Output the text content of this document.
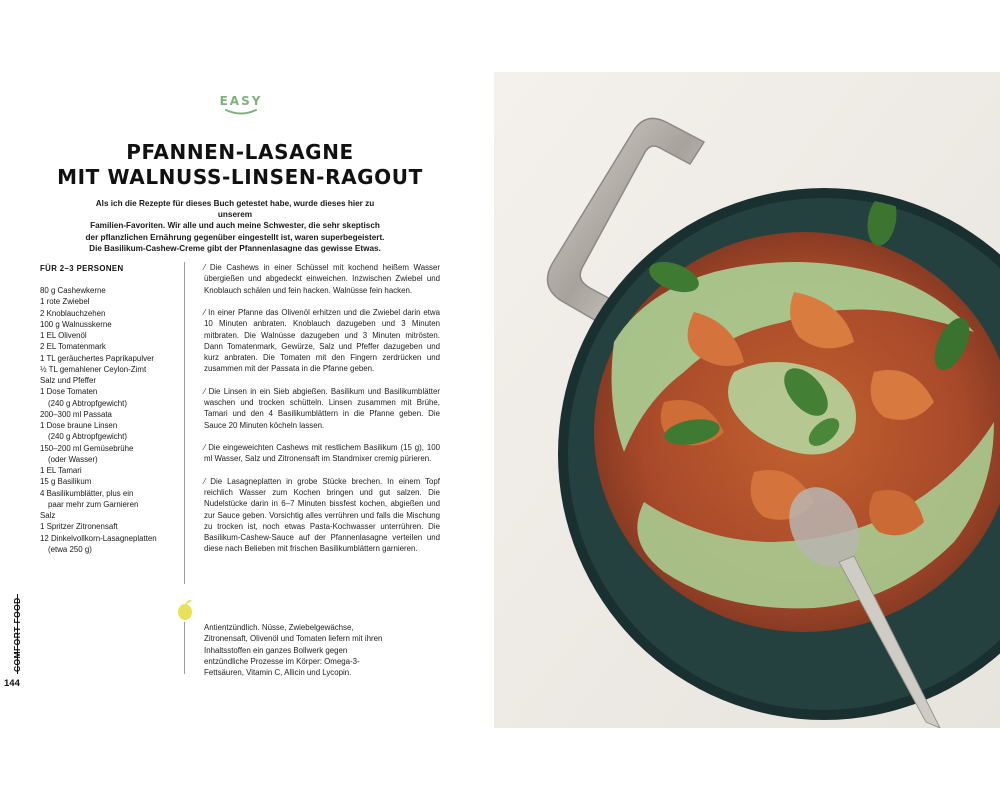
EASY
PFANNEN-LASAGNE
MIT WALNUSS-LINSEN-RAGOUT
Als ich die Rezepte für dieses Buch getestet habe, wurde dieses hier zu unserem
Familien-Favoriten. Wir alle und auch meine Schwester, die sehr skeptisch
der pflanzlichen Ernährung gegenüber eingestellt ist, waren superbegeistert.
Die Basilikum-Cashew-Creme gibt der Pfannenlasagne das gewisse Etwas.
FÜR 2–3 PERSONEN
80 g Cashewkerne
1 rote Zwiebel
2 Knoblauchzehen
100 g Walnusskerne
1 EL Olivenöl
2 EL Tomatenmark
1 TL geräuchertes Paprikapulver
½ TL gemahlener Ceylon-Zimt
Salz und Pfeffer
1 Dose Tomaten
(240 g Abtropfgewicht)
200–300 ml Passata
1 Dose braune Linsen
(240 g Abtropfgewicht)
150–200 ml Gemüsebrühe
(oder Wasser)
1 EL Tamari
15 g Basilikum
4 Basilikumblätter, plus ein
paar mehr zum Garnieren
Salz
1 Spritzer Zitronensaft
12 Dinkelvollkorn-Lasagneplatten
(etwa 250 g)

⁄ Die Cashews in einer Schüssel mit kochend heißem Wasser übergießen und abgedeckt einweichen. Inzwischen Zwiebel und Knoblauch schälen und fein hacken. Walnüsse fein hacken.

⁄ In einer Pfanne das Olivenöl erhitzen und die Zwiebel darin etwa 10 Minuten anbraten. Knoblauch dazugeben und 3 Minuten mitbraten. Die Walnüsse dazugeben und 3 Minuten mitrösten. Dann Tomatenmark, Gewürze, Salz und Pfeffer dazugeben und kurz anbraten. Die Tomaten mit den Fingern zerdrücken und zusammen mit der Passata in die Pfanne geben.

⁄ Die Linsen in ein Sieb abgießen. Basilikum und Basilikumblätter waschen und trocken schütteln. Linsen zusammen mit Brühe, Tamari und den 4 Basilikumblättern in die Pfanne geben. Die Sauce 20 Minuten köcheln lassen.

⁄ Die eingeweichten Cashews mit restlichem Basilikum (15 g), 100 ml Wasser, Salz und Zitronensaft im Standmixer cremig pürieren.

⁄ Die Lasagneplatten in grobe Stücke brechen. In einem Topf reichlich Wasser zum Kochen bringen und gut salzen. Die Nudelstücke darin in 6–7 Minuten bissfest kochen, abgießen und zur Sauce geben. Vorsichtig alles verrühren und falls die Mischung zu trocken ist, noch etwas Pasta-Kochwasser unterrühren. Die Basilikum-Cashew-Sauce auf der Pfannenlasagne verteilen und diese nach Belieben mit frischen Basilikumblättern garnieren.

Antientzündlich. Nüsse, Zwiebelgewächse, Zitronensaft, Olivenöl und Tomaten liefern mit ihren Inhaltsstoffen ein ganzes Bollwerk gegen entzündliche Prozesse im Körper: Omega-3-Fettsäuren, Vitamin C, Allicin und Lycopin.
COMFORT FOOD
144
